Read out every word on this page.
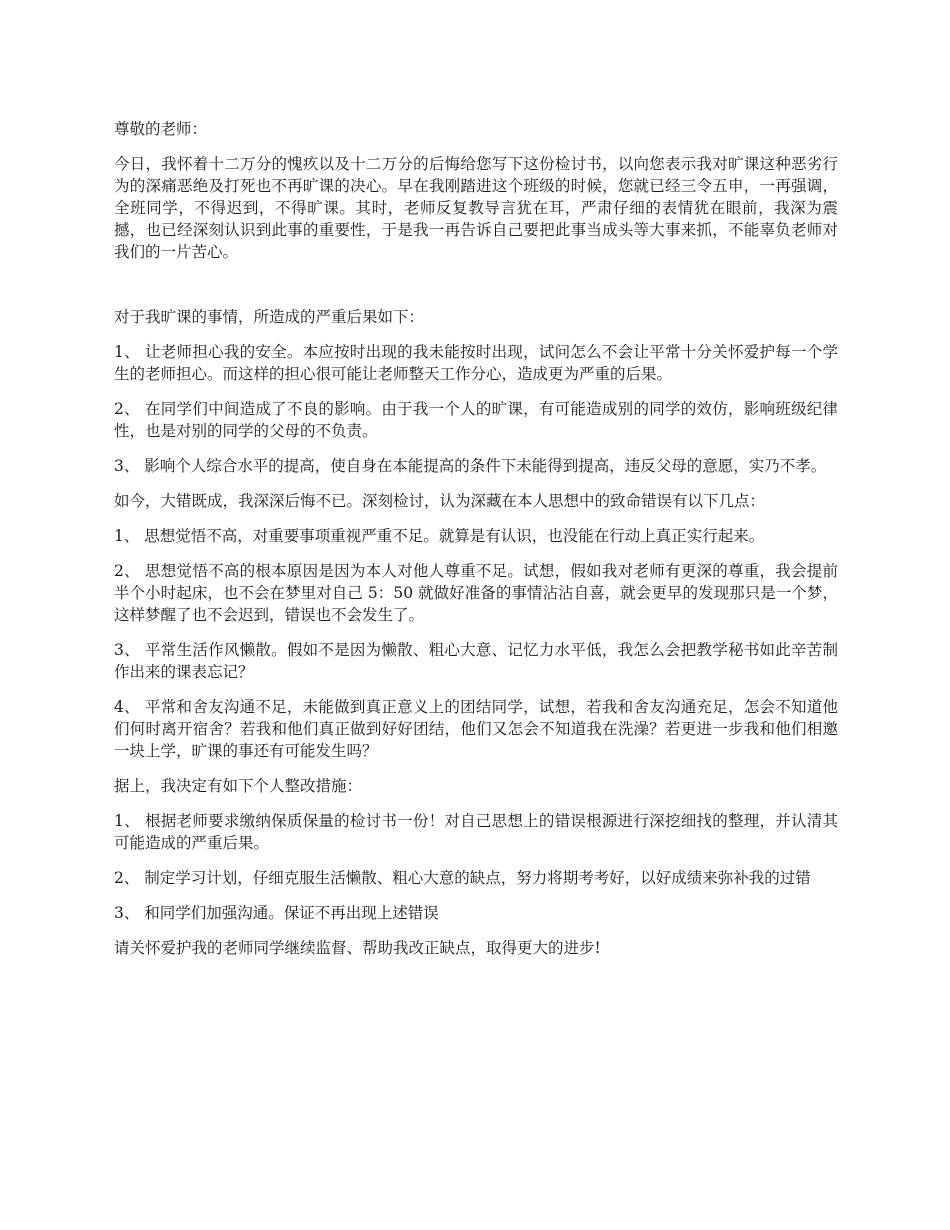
尊敬的老师：

今日，我怀着十二万分的愧疚以及十二万分的后悔给您写下这份检讨书，以向您表示我对旷课这种恶劣行为的深痛恶绝及打死也不再旷课的决心。早在我刚踏进这个班级的时候，您就已经三令五申，一再强调，全班同学，不得迟到，不得旷课。其时，老师反复教导言犹在耳，严肃仔细的表情犹在眼前，我深为震撼，也已经深刻认识到此事的重要性，于是我一再告诉自己要把此事当成头等大事来抓，不能辜负老师对我们的一片苦心。

对于我旷课的事情，所造成的严重后果如下：

1、 让老师担心我的安全。本应按时出现的我未能按时出现，试问怎么不会让平常十分关怀爱护每一个学生的老师担心。而这样的担心很可能让老师整天工作分心，造成更为严重的后果。

2、 在同学们中间造成了不良的影响。由于我一个人的旷课，有可能造成别的同学的效仿，影响班级纪律性，也是对别的同学的父母的不负责。

3、 影响个人综合水平的提高，使自身在本能提高的条件下未能得到提高，违反父母的意愿，实乃不孝。

如今，大错既成，我深深后悔不已。深刻检讨，认为深藏在本人思想中的致命错误有以下几点：

1、 思想觉悟不高，对重要事项重视严重不足。就算是有认识，也没能在行动上真正实行起来。

2、 思想觉悟不高的根本原因是因为本人对他人尊重不足。试想，假如我对老师有更深的尊重，我会提前半个小时起床，也不会在梦里对自己 5：50 就做好准备的事情沾沾自喜，就会更早的发现那只是一个梦，这样梦醒了也不会迟到，错误也不会发生了。

3、 平常生活作风懒散。假如不是因为懒散、粗心大意、记忆力水平低，我怎么会把教学秘书如此辛苦制作出来的课表忘记？

4、 平常和舍友沟通不足，未能做到真正意义上的团结同学，试想，若我和舍友沟通充足，怎会不知道他们何时离开宿舍？若我和他们真正做到好好团结，他们又怎会不知道我在洗澡？若更进一步我和他们相邀一块上学，旷课的事还有可能发生吗？

据上，我决定有如下个人整改措施：

1、 根据老师要求缴纳保质保量的检讨书一份！对自己思想上的错误根源进行深挖细找的整理，并认清其可能造成的严重后果。

2、 制定学习计划，仔细克服生活懒散、粗心大意的缺点，努力将期考考好，以好成绩来弥补我的过错

3、 和同学们加强沟通。保证不再出现上述错误

请关怀爱护我的老师同学继续监督、帮助我改正缺点，取得更大的进步!
